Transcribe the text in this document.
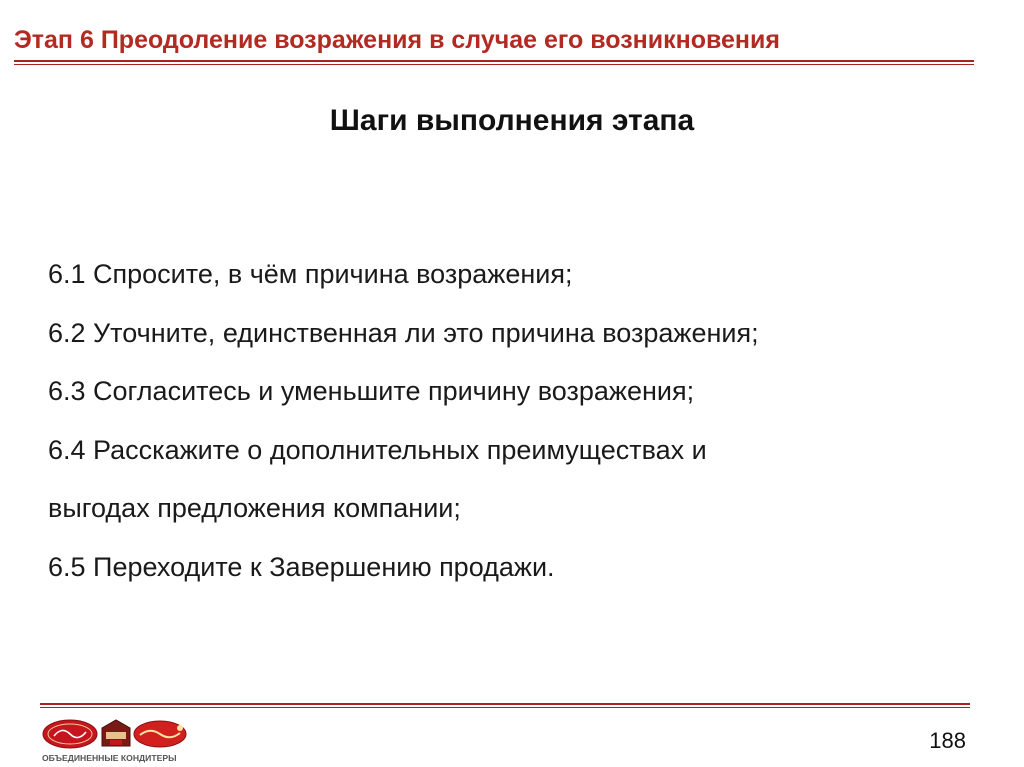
Этап 6 Преодоление возражения в случае его возникновения
Шаги выполнения этапа
6.1 Спросите, в чём причина возражения;
6.2 Уточните, единственная ли это причина возражения;
6.3 Согласитесь и уменьшите причину возражения;
6.4 Расскажите о дополнительных преимуществах и
выгодах предложения компании;
6.5 Переходите к Завершению продажи.
ОБЪЕДИНЕННЫЕ КОНДИТЕРЫ
188
